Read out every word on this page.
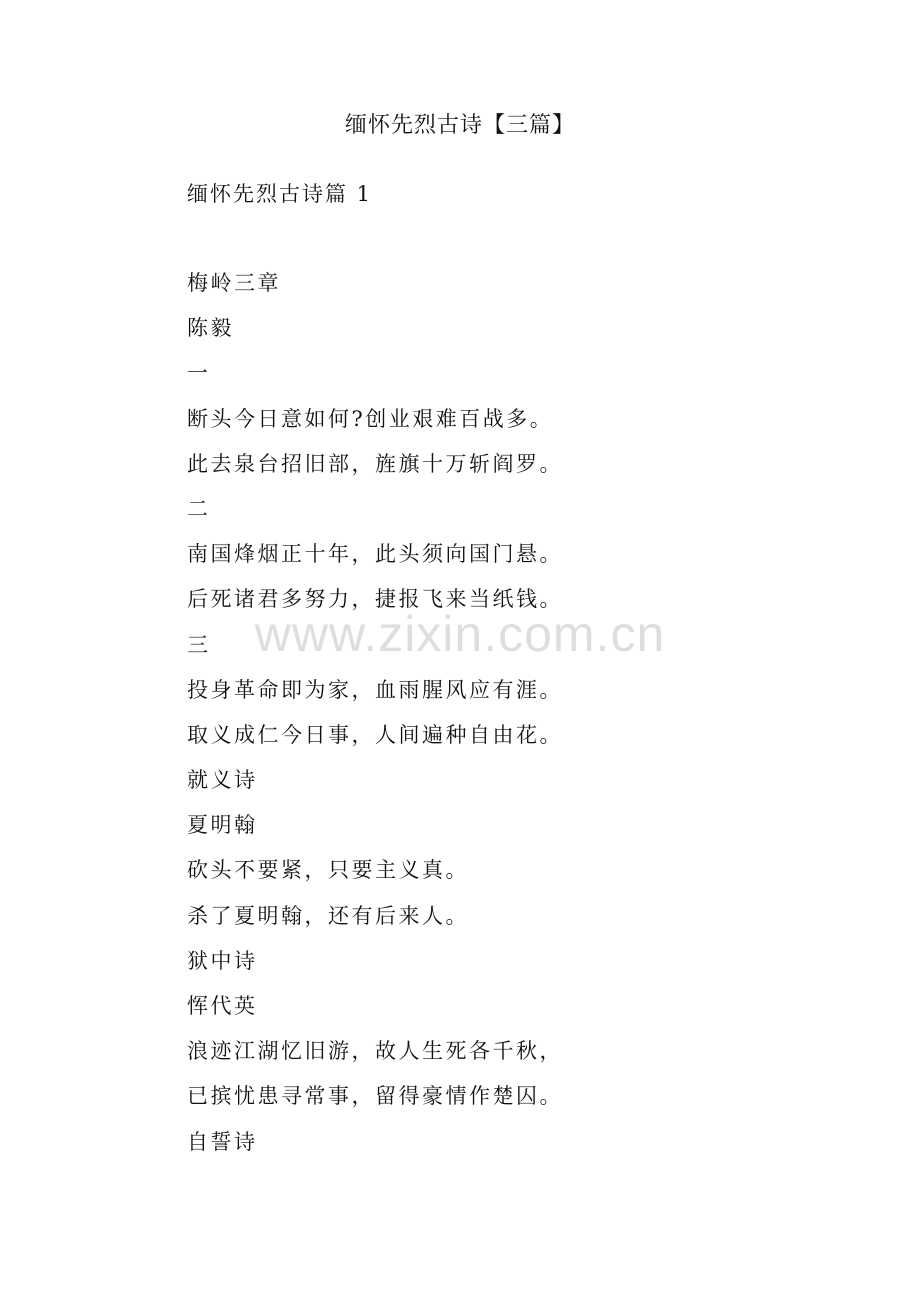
缅怀先烈古诗【三篇】
缅怀先烈古诗篇 1
梅岭三章
陈毅
一
断头今日意如何?创业艰难百战多。
此去泉台招旧部，旌旗十万斩阎罗。
二
南国烽烟正十年，此头须向国门悬。
后死诸君多努力，捷报飞来当纸钱。
三
投身革命即为家，血雨腥风应有涯。
取义成仁今日事，人间遍种自由花。
就义诗
夏明翰
砍头不要紧，只要主义真。
杀了夏明翰，还有后来人。
狱中诗
恽代英
浪迹江湖忆旧游，故人生死各千秋，
已摈忧患寻常事，留得豪情作楚囚。
自誓诗
www.zixin.com.cn
